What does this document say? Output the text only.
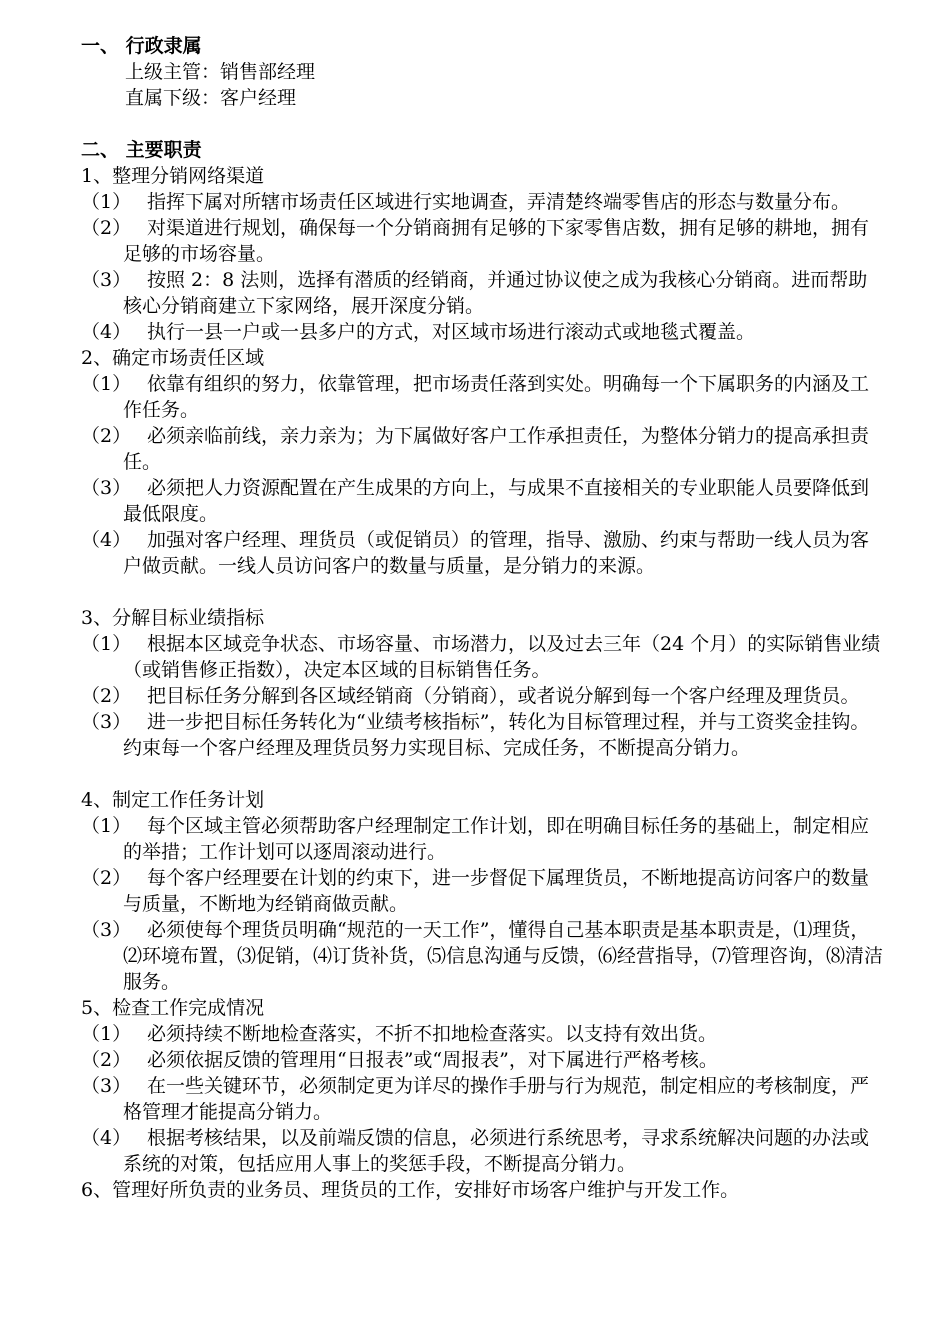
一、 行政隶属
上级主管：销售部经理
直属下级：客户经理
二、 主要职责
1、整理分销网络渠道
（1） 指挥下属对所辖市场责任区域进行实地调查，弄清楚终端零售店的形态与数量分布。
（2） 对渠道进行规划，确保每一个分销商拥有足够的下家零售店数，拥有足够的耕地，拥有足够的市场容量。
（3） 按照 2：8 法则，选择有潜质的经销商，并通过协议使之成为我核心分销商。进而帮助核心分销商建立下家网络，展开深度分销。
（4） 执行一县一户或一县多户的方式，对区域市场进行滚动式或地毯式覆盖。
2、确定市场责任区域
（1） 依靠有组织的努力，依靠管理，把市场责任落到实处。明确每一个下属职务的内涵及工作任务。
（2） 必须亲临前线，亲力亲为；为下属做好客户工作承担责任，为整体分销力的提高承担责任。
（3） 必须把人力资源配置在产生成果的方向上，与成果不直接相关的专业职能人员要降低到最低限度。
（4） 加强对客户经理、理货员（或促销员）的管理，指导、激励、约束与帮助一线人员为客户做贡献。一线人员访问客户的数量与质量，是分销力的来源。
3、分解目标业绩指标
（1） 根据本区域竞争状态、市场容量、市场潜力，以及过去三年（24 个月）的实际销售业绩（或销售修正指数），决定本区域的目标销售任务。
（2） 把目标任务分解到各区域经销商（分销商），或者说分解到每一个客户经理及理货员。
（3） 进一步把目标任务转化为“业绩考核指标”，转化为目标管理过程，并与工资奖金挂钩。约束每一个客户经理及理货员努力实现目标、完成任务，不断提高分销力。
4、制定工作任务计划
（1） 每个区域主管必须帮助客户经理制定工作计划，即在明确目标任务的基础上，制定相应的举措；工作计划可以逐周滚动进行。
（2） 每个客户经理要在计划的约束下，进一步督促下属理货员，不断地提高访问客户的数量与质量，不断地为经销商做贡献。
（3） 必须使每个理货员明确“规范的一天工作”，懂得自己基本职责是基本职责是，⑴理货，⑵环境布置，⑶促销，⑷订货补货，⑸信息沟通与反馈，⑹经营指导，⑺管理咨询，⑻清洁服务。
5、检查工作完成情况
（1） 必须持续不断地检查落实，不折不扣地检查落实。以支持有效出货。
（2） 必须依据反馈的管理用“日报表”或“周报表”，对下属进行严格考核。
（3） 在一些关键环节，必须制定更为详尽的操作手册与行为规范，制定相应的考核制度，严格管理才能提高分销力。
（4） 根据考核结果，以及前端反馈的信息，必须进行系统思考，寻求系统解决问题的办法或系统的对策，包括应用人事上的奖惩手段，不断提高分销力。
6、管理好所负责的业务员、理货员的工作，安排好市场客户维护与开发工作。
